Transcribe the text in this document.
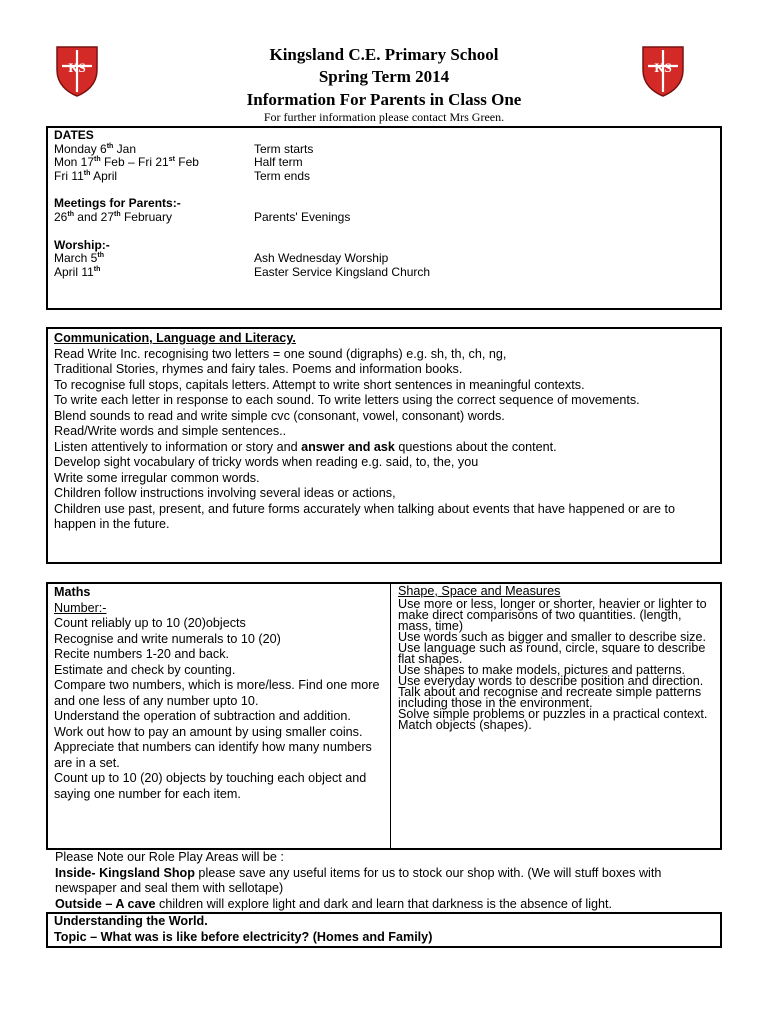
KS	KS
Kingsland C.E. Primary School
Spring Term 2014
Information For Parents in Class One
For further information please contact Mrs Green.
DATES
Monday 6th Jan	Term starts
Mon 17th Feb – Fri 21st Feb	Half term
Fri 11th April	Term ends
Meetings for Parents:-
26th and 27th February	Parents' Evenings
Worship:-
March 5th	Ash Wednesday Worship
April 11th	Easter Service Kingsland Church
Communication, Language and Literacy.
Read Write Inc. recognising two letters = one sound (digraphs) e.g. sh, th, ch, ng,
Traditional Stories, rhymes and fairy tales. Poems and information books.
To recognise full stops, capitals letters. Attempt to write short sentences in meaningful contexts.
To write each letter in response to each sound. To write letters using the correct sequence of movements.
Blend sounds to read and write simple cvc (consonant, vowel, consonant) words.
Read/Write words and simple sentences..
Listen attentively to information or story and answer and ask questions about the content.
Develop sight vocabulary of tricky words when reading e.g. said, to, the, you
Write some irregular common words.
Children follow instructions involving several ideas or actions,
Children use past, present, and future forms accurately when talking about events that have happened or are to happen in the future.
Maths
Number:-
Count reliably up to 10 (20)objects
Recognise and write numerals to 10 (20)
Recite numbers 1-20 and back.
Estimate and check by counting.
Compare two numbers, which is more/less. Find one more and one less of any number upto 10.
Understand the operation of subtraction and addition.
Work out how to pay an amount by using smaller coins.
Appreciate that numbers can identify how many numbers are in a set.
Count up to 10 (20) objects by touching each object and saying one number for each item.
Shape, Space and Measures
Use more or less, longer or shorter, heavier or lighter to make direct comparisons of two quantities. (length, mass, time)
Use words such as bigger and smaller to describe size.
Use language such as round, circle, square to describe flat shapes.
Use shapes to make models, pictures and patterns.
Use everyday words to describe position and direction.
Talk about and recognise and recreate simple patterns including those in the environment.
Solve simple problems or puzzles in a practical context.
Match objects (shapes).
Please Note our Role Play Areas will be :
Inside- Kingsland Shop please save any useful items for us to stock our shop with. (We will stuff boxes with newspaper and seal them with sellotape)
Outside – A cave children will explore light and dark and learn that darkness is the absence of light.
Understanding the World.
Topic – What was is like before electricity? (Homes and Family)
